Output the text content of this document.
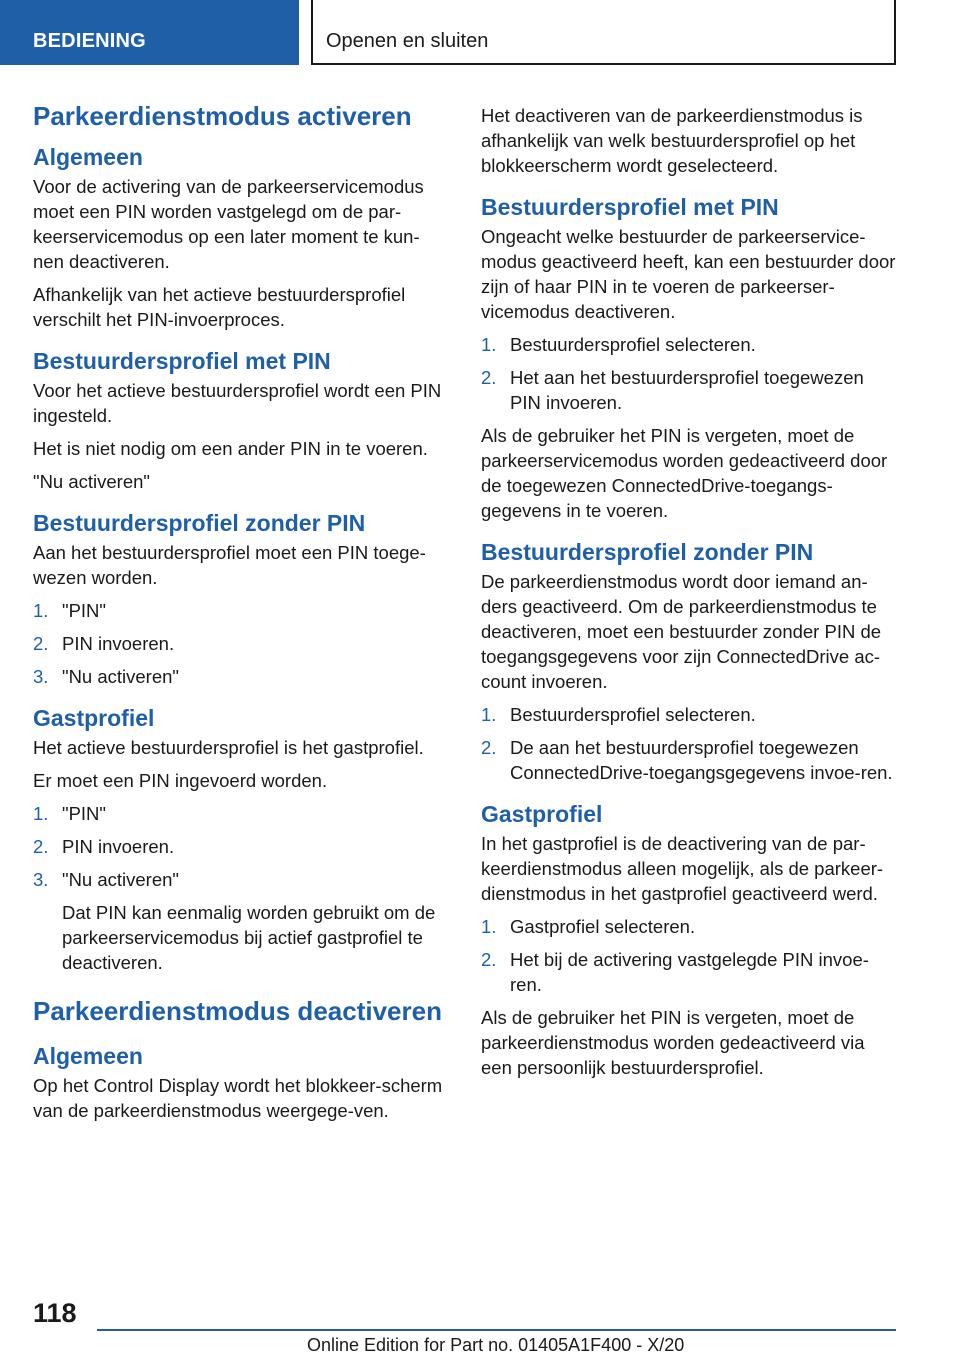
BEDIENING	Openen en sluiten
Parkeerdienstmodus activeren
Algemeen

Voor de activering van de parkeerservicemodus moet een PIN worden vastgelegd om de par-keerservicemodus op een later moment te kun-nen deactiveren.

Afhankelijk van het actieve bestuurdersprofiel verschilt het PIN-invoerproces.

Bestuurdersprofiel met PIN

Voor het actieve bestuurdersprofiel wordt een PIN ingesteld.

Het is niet nodig om een ander PIN in te voeren.

"Nu activeren"

Bestuurdersprofiel zonder PIN

Aan het bestuurdersprofiel moet een PIN toege-wezen worden.

1. "PIN"
2. PIN invoeren.
3. "Nu activeren"
Gastprofiel

Het actieve bestuurdersprofiel is het gastprofiel.

Er moet een PIN ingevoerd worden.

1. "PIN"
2. PIN invoeren.
3. "Nu activeren"

Dat PIN kan eenmalig worden gebruikt om de parkeerservicemodus bij actief gastprofiel te deactiveren.

Parkeerdienstmodus deactiveren
Algemeen

Op het Control Display wordt het blokkeer-scherm van de parkeerdienstmodus weergege-ven.

Het deactiveren van de parkeerdienstmodus is afhankelijk van welk bestuurdersprofiel op het blokkeerscherm wordt geselecteerd.

Bestuurdersprofiel met PIN

Ongeacht welke bestuurder de parkeerservice-modus geactiveerd heeft, kan een bestuurder door zijn of haar PIN in te voeren de parkeerser-vicemodus deactiveren.

1. Bestuurdersprofiel selecteren.
2. Het aan het bestuurdersprofiel toegewezen PIN invoeren.

Als de gebruiker het PIN is vergeten, moet de parkeerservicemodus worden gedeactiveerd door de toegewezen ConnectedDrive-toegangs-gegevens in te voeren.

Bestuurdersprofiel zonder PIN

De parkeerdienstmodus wordt door iemand an-ders geactiveerd. Om de parkeerdienstmodus te deactiveren, moet een bestuurder zonder PIN de toegangsgegevens voor zijn ConnectedDrive ac-count invoeren.

1. Bestuurdersprofiel selecteren.
2. De aan het bestuurdersprofiel toegewezen ConnectedDrive-toegangsgegevens invoe-ren.
Gastprofiel

In het gastprofiel is de deactivering van de par-keerdienstmodus alleen mogelijk, als de parkeer-dienstmodus in het gastprofiel geactiveerd werd.

1. Gastprofiel selecteren.
2. Het bij de activering vastgelegde PIN invoe-ren.

Als de gebruiker het PIN is vergeten, moet de parkeerdienstmodus worden gedeactiveerd via een persoonlijk bestuurdersprofiel.

118
Online Edition for Part no. 01405A1F400 - X/20
